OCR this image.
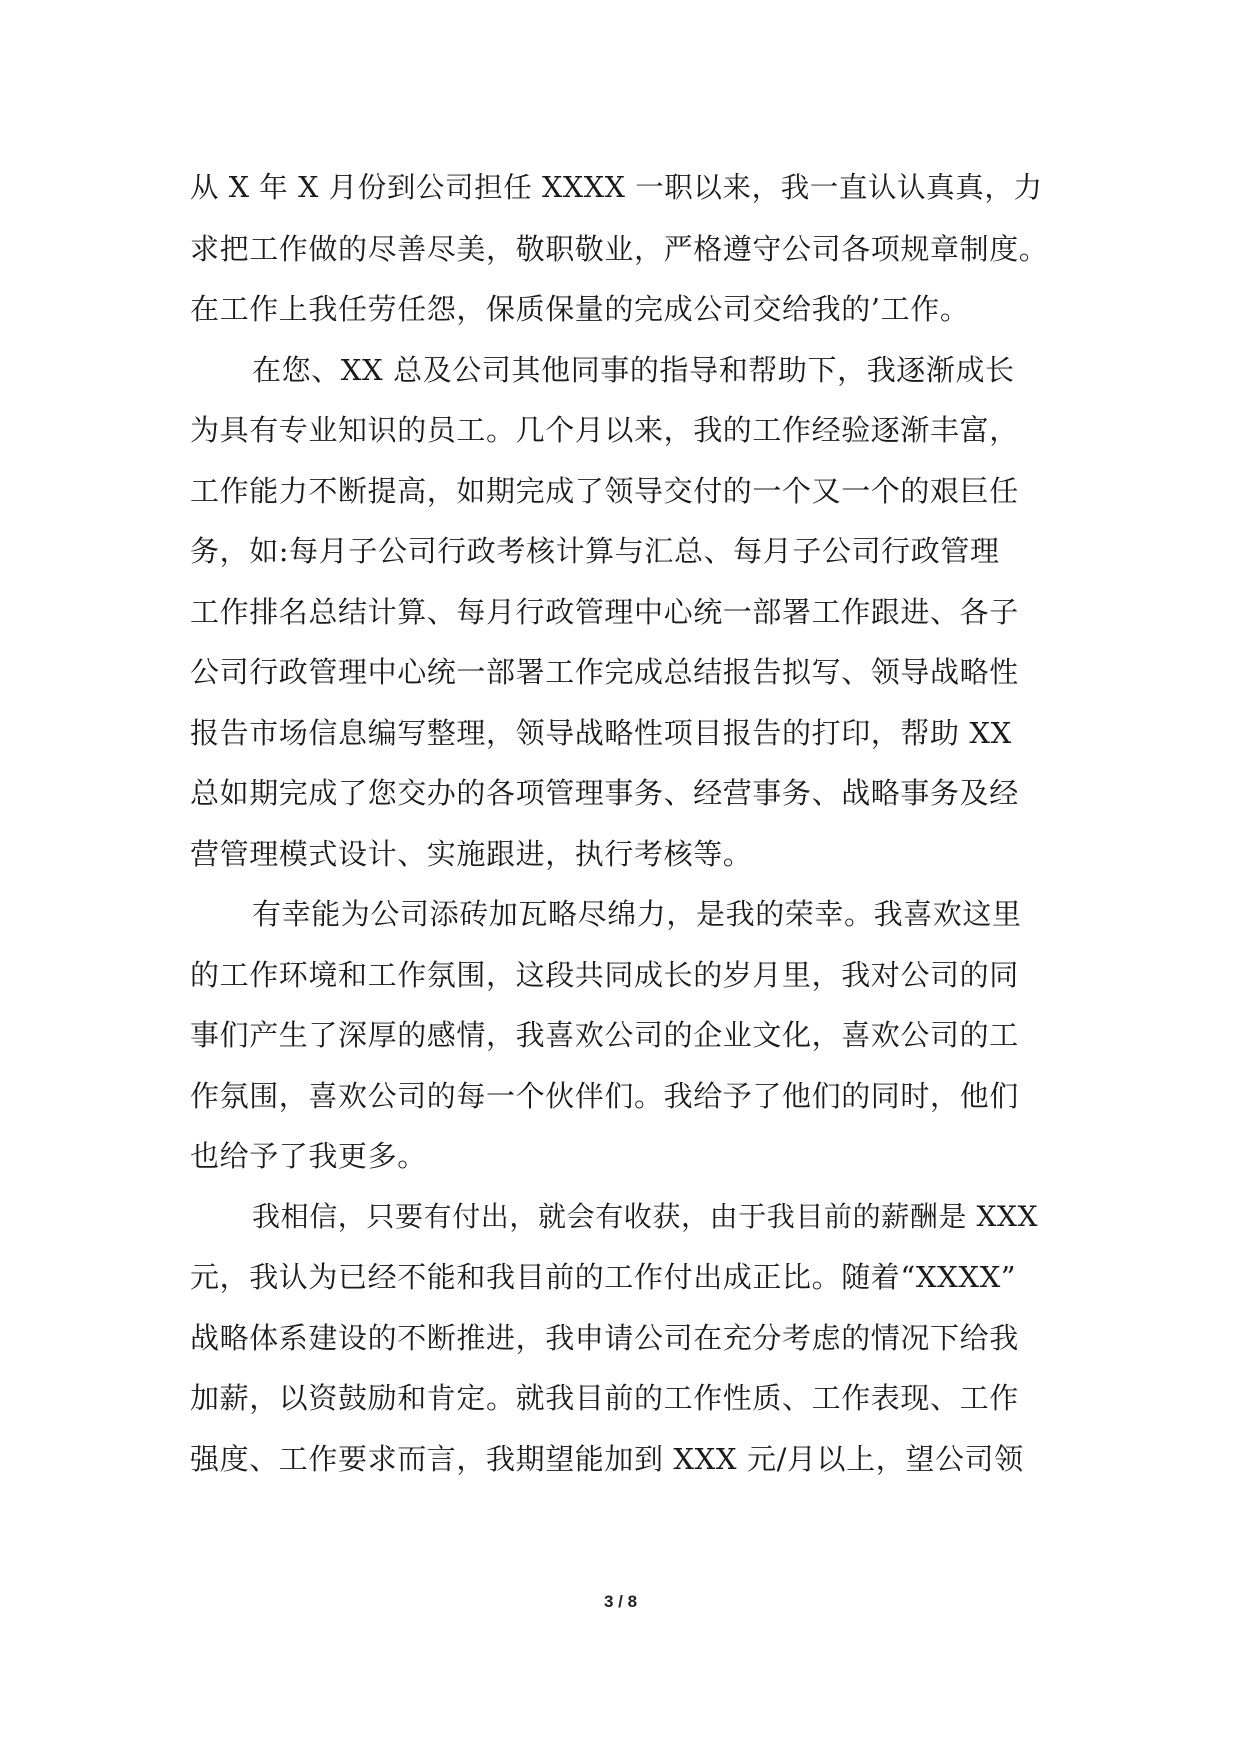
从 X 年 X 月份到公司担任 XXXX 一职以来，我一直认认真真，力
求把工作做的尽善尽美，敬职敬业，严格遵守公司各项规章制度。
在工作上我任劳任怨，保质保量的完成公司交给我的’工作。
在您、XX 总及公司其他同事的指导和帮助下，我逐渐成长
为具有专业知识的员工。几个月以来，我的工作经验逐渐丰富，
工作能力不断提高，如期完成了领导交付的一个又一个的艰巨任
务，如:每月子公司行政考核计算与汇总、每月子公司行政管理
工作排名总结计算、每月行政管理中心统一部署工作跟进、各子
公司行政管理中心统一部署工作完成总结报告拟写、领导战略性
报告市场信息编写整理，领导战略性项目报告的打印，帮助 XX
总如期完成了您交办的各项管理事务、经营事务、战略事务及经
营管理模式设计、实施跟进，执行考核等。
有幸能为公司添砖加瓦略尽绵力，是我的荣幸。我喜欢这里
的工作环境和工作氛围，这段共同成长的岁月里，我对公司的同
事们产生了深厚的感情，我喜欢公司的企业文化，喜欢公司的工
作氛围，喜欢公司的每一个伙伴们。我给予了他们的同时，他们
也给予了我更多。
我相信，只要有付出，就会有收获，由于我目前的薪酬是 XXX
元，我认为已经不能和我目前的工作付出成正比。随着“XXXX”
战略体系建设的不断推进，我申请公司在充分考虑的情况下给我
加薪，以资鼓励和肯定。就我目前的工作性质、工作表现、工作
强度、工作要求而言，我期望能加到 XXX 元/月以上，望公司领
3 / 8
